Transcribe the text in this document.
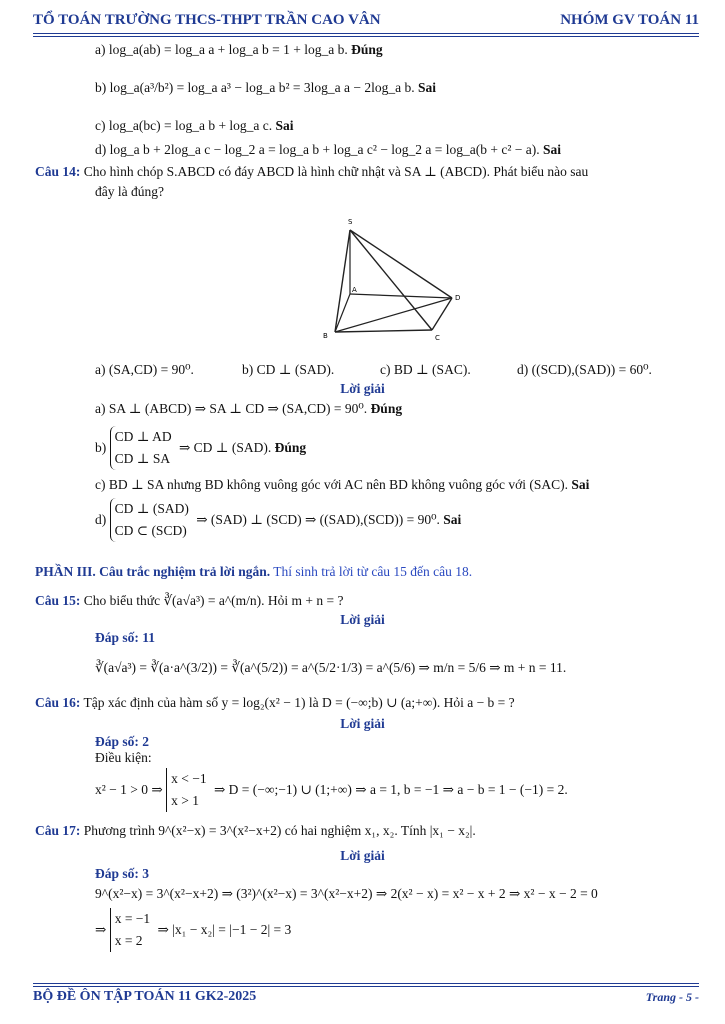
TỔ TOÁN TRƯỜNG THCS-THPT TRẦN CAO VÂN	NHÓM GV TOÁN 11
a) log_a(ab) = log_a a + log_a b = 1 + log_a b. Đúng
b) log_a(a³/b²) = log_a a³ − log_a b² = 3log_a a − 2log_a b. Sai
c) log_a(bc) = log_a b + log_a c. Sai
d) log_a b + 2log_a c − log_2 a = log_a b + log_a c² − log_2 a = log_a(b + c² − a). Sai
Câu 14: Cho hình chóp S.ABCD có đáy ABCD là hình chữ nhật và SA ⊥ (ABCD). Phát biểu nào sau
đây là đúng?
S
A
B	C
D
a) (SA,CD) = 90⁰.	b) CD ⊥ (SAD).	c) BD ⊥ (SAC).	d) ((SCD),(SAD)) = 60⁰.
Lời giải
a) SA ⊥ (ABCD) ⇒ SA ⊥ CD ⇒ (SA,CD) = 90⁰. Đúng
b)
CD ⊥ AD
CD ⊥ SA
⇒ CD ⊥ (SAD). Đúng
c) BD ⊥ SA nhưng BD không vuông góc với AC nên BD không vuông góc với (SAC). Sai
d)
CD ⊥ (SAD)
CD ⊂ (SCD)
⇒ (SAD) ⊥ (SCD) ⇒ ((SAD),(SCD)) = 90⁰. Sai
PHẦN III. Câu trắc nghiệm trả lời ngắn. Thí sinh trả lời từ câu 15 đến câu 18.
Câu 15: Cho biểu thức ∛(a√a³) = a^(m/n). Hỏi m + n = ?
Lời giải
Đáp số: 11
∛(a√a³) = ∛(a·a^(3/2)) = ∛(a^(5/2)) = a^(5/2·1/3) = a^(5/6) ⇒ m/n = 5/6 ⇒ m + n = 11.
Câu 16: Tập xác định của hàm số y = log₂(x² − 1) là D = (−∞;b) ∪ (a;+∞). Hỏi a − b = ?
Lời giải
Đáp số: 2
Điều kiện:
x² − 1 > 0 ⇒
x < −1
x > 1
⇒ D = (−∞;−1) ∪ (1;+∞) ⇒ a = 1, b = −1 ⇒ a − b = 1 − (−1) = 2.
Câu 17: Phương trình 9^(x²−x) = 3^(x²−x+2) có hai nghiệm x₁, x₂. Tính |x₁ − x₂|.
Lời giải
Đáp số: 3
9^(x²−x) = 3^(x²−x+2) ⇒ (3²)^(x²−x) = 3^(x²−x+2) ⇒ 2(x² − x) = x² − x + 2 ⇒ x² − x − 2 = 0
⇒
x = −1
x = 2
⇒ |x₁ − x₂| = |−1 − 2| = 3
BỘ ĐỀ ÔN TẬP TOÁN 11 GK2-2025	Trang - 5 -
